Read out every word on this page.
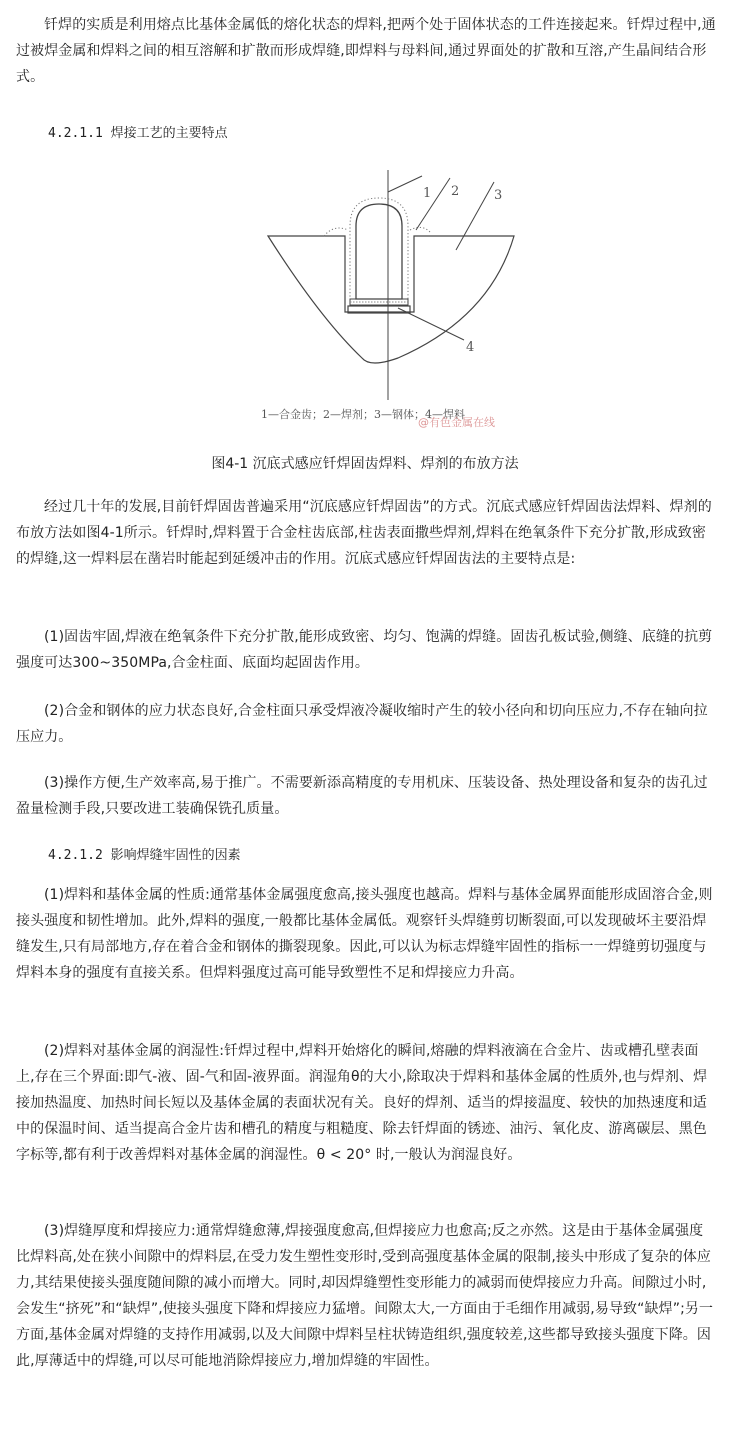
钎焊的实质是利用熔点比基体金属低的熔化状态的焊料,把两个处于固体状态的工件连接起来。钎焊过程中,通过被焊金属和焊料之间的相互溶解和扩散而形成焊缝,即焊料与母料间,通过界面处的扩散和互溶,产生晶间结合形式。

4.2.1.1 焊接工艺的主要特点

1 2	3
4
1—合金齿；2—焊剂；3—钢体；4—焊料
@有色金属在线
图4-1 沉底式感应钎焊固齿焊料、焊剂的布放方法

经过几十年的发展,目前钎焊固齿普遍采用“沉底感应钎焊固齿”的方式。沉底式感应钎焊固齿法焊料、焊剂的布放方法如图4-1所示。钎焊时,焊料置于合金柱齿底部,柱齿表面撒些焊剂,焊料在绝氧条件下充分扩散,形成致密的焊缝,这一焊料层在凿岩时能起到延缓冲击的作用。沉底式感应钎焊固齿法的主要特点是:

(1)固齿牢固,焊液在绝氧条件下充分扩散,能形成致密、均匀、饱满的焊缝。固齿孔板试验,侧缝、底缝的抗剪强度可达300~350MPa,合金柱面、底面均起固齿作用。

(2)合金和钢体的应力状态良好,合金柱面只承受焊液冷凝收缩时产生的较小径向和切向压应力,不存在轴向拉压应力。

(3)操作方便,生产效率高,易于推广。不需要新添高精度的专用机床、压装设备、热处理设备和复杂的齿孔过盈量检测手段,只要改进工装确保铣孔质量。

4.2.1.2 影响焊缝牢固性的因素

(1)焊料和基体金属的性质:通常基体金属强度愈高,接头强度也越高。焊料与基体金属界面能形成固溶合金,则接头强度和韧性增加。此外,焊料的强度,一般都比基体金属低。观察钎头焊缝剪切断裂面,可以发现破坏主要沿焊缝发生,只有局部地方,存在着合金和钢体的撕裂现象。因此,可以认为标志焊缝牢固性的指标一一焊缝剪切强度与焊料本身的强度有直接关系。但焊料强度过高可能导致塑性不足和焊接应力升高。

(2)焊料对基体金属的润湿性:钎焊过程中,焊料开始熔化的瞬间,熔融的焊料液滴在合金片、齿或槽孔壁表面上,存在三个界面:即气-液、固-气和固-液界面。润湿角θ的大小,除取决于焊料和基体金属的性质外,也与焊剂、焊接加热温度、加热时间长短以及基体金属的表面状况有关。良好的焊剂、适当的焊接温度、较快的加热速度和适中的保温时间、适当提高合金片齿和槽孔的精度与粗糙度、除去钎焊面的锈迹、油污、氧化皮、游离碳层、黑色字标等,都有利于改善焊料对基体金属的润湿性。θ < 20° 时,一般认为润湿良好。

(3)焊缝厚度和焊接应力:通常焊缝愈薄,焊接强度愈高,但焊接应力也愈高;反之亦然。这是由于基体金属强度比焊料高,处在狭小间隙中的焊料层,在受力发生塑性变形时,受到高强度基体金属的限制,接头中形成了复杂的体应力,其结果使接头强度随间隙的减小而增大。同时,却因焊缝塑性变形能力的减弱而使焊接应力升高。间隙过小时,会发生“挤死”和“缺焊”,使接头强度下降和焊接应力猛增。间隙太大,一方面由于毛细作用减弱,易导致“缺焊”;另一方面,基体金属对焊缝的支持作用减弱,以及大间隙中焊料呈柱状铸造组织,强度较差,这些都导致接头强度下降。因此,厚薄适中的焊缝,可以尽可能地消除焊接应力,增加焊缝的牢固性。
